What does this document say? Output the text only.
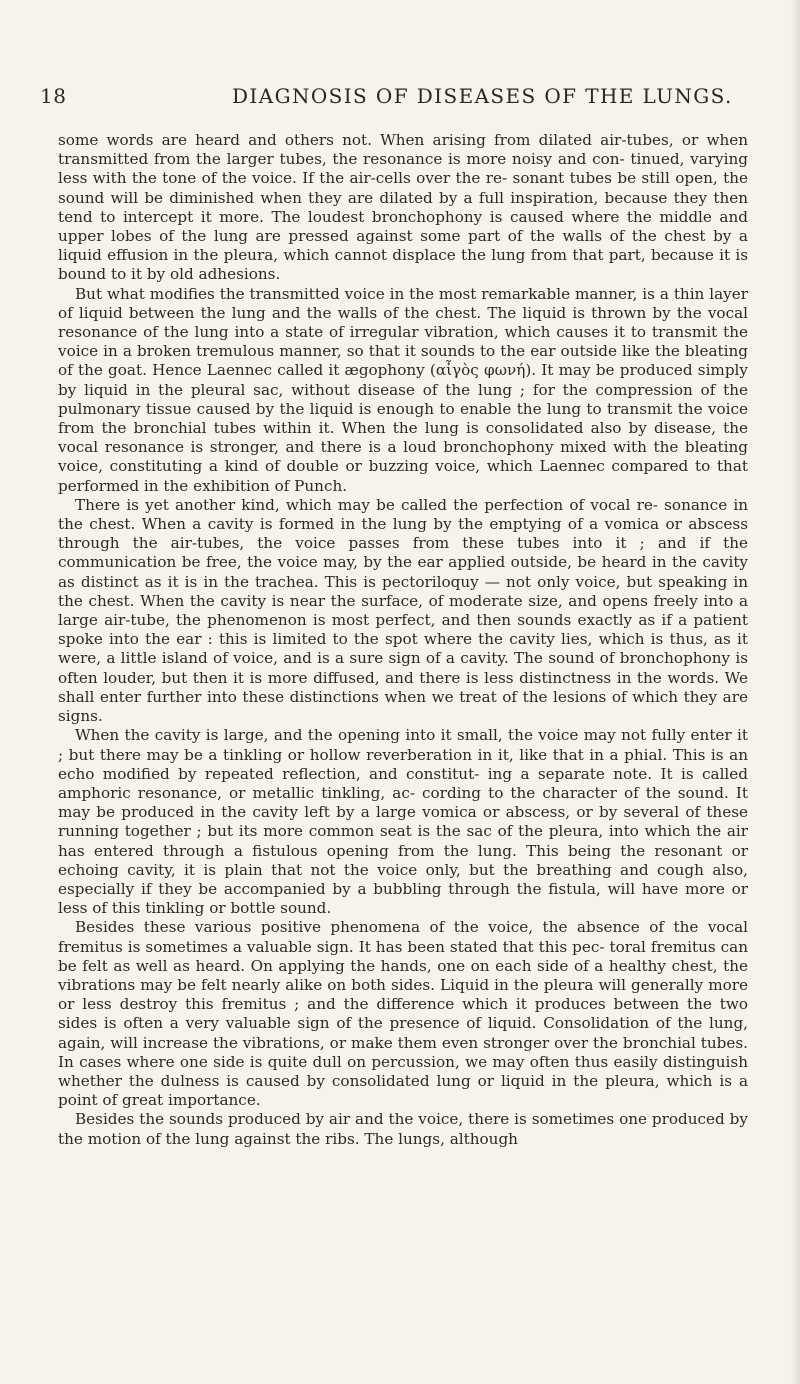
18	DIAGNOSIS OF DISEASES OF THE LUNGS.

some words are heard and others not. When arising from dilated air-tubes, or when transmitted from the larger tubes, the resonance is more noisy and con- tinued, varying less with the tone of the voice. If the air-cells over the re- sonant tubes be still open, the sound will be diminished when they are dilated by a full inspiration, because they then tend to intercept it more. The loudest bronchophony is caused where the middle and upper lobes of the lung are pressed against some part of the walls of the chest by a liquid effusion in the pleura, which cannot displace the lung from that part, because it is bound to it by old adhesions.

But what modifies the transmitted voice in the most remarkable manner, is a thin layer of liquid between the lung and the walls of the chest. The liquid is thrown by the vocal resonance of the lung into a state of irregular vibration, which causes it to transmit the voice in a broken tremulous manner, so that it sounds to the ear outside like the bleating of the goat. Hence Laennec called it ægophony (αἶγὸς φωνή). It may be produced simply by liquid in the pleural sac, without disease of the lung ; for the compression of the pulmonary tissue caused by the liquid is enough to enable the lung to transmit the voice from the bronchial tubes within it. When the lung is consolidated also by disease, the vocal resonance is stronger, and there is a loud bronchophony mixed with the bleating voice, constituting a kind of double or buzzing voice, which Laennec compared to that performed in the exhibition of Punch.

There is yet another kind, which may be called the perfection of vocal re- sonance in the chest. When a cavity is formed in the lung by the emptying of a vomica or abscess through the air-tubes, the voice passes from these tubes into it ; and if the communication be free, the voice may, by the ear applied outside, be heard in the cavity as distinct as it is in the trachea. This is pectoriloquy — not only voice, but speaking in the chest. When the cavity is near the surface, of moderate size, and opens freely into a large air-tube, the phenomenon is most perfect, and then sounds exactly as if a patient spoke into the ear : this is limited to the spot where the cavity lies, which is thus, as it were, a little island of voice, and is a sure sign of a cavity. The sound of bronchophony is often louder, but then it is more diffused, and there is less distinctness in the words. We shall enter further into these distinctions when we treat of the lesions of which they are signs.

When the cavity is large, and the opening into it small, the voice may not fully enter it ; but there may be a tinkling or hollow reverberation in it, like that in a phial. This is an echo modified by repeated reflection, and constitut- ing a separate note. It is called amphoric resonance, or metallic tinkling, ac- cording to the character of the sound. It may be produced in the cavity left by a large vomica or abscess, or by several of these running together ; but its more common seat is the sac of the pleura, into which the air has entered through a fistulous opening from the lung. This being the resonant or echoing cavity, it is plain that not the voice only, but the breathing and cough also, especially if they be accompanied by a bubbling through the fistula, will have more or less of this tinkling or bottle sound.

Besides these various positive phenomena of the voice, the absence of the vocal fremitus is sometimes a valuable sign. It has been stated that this pec- toral fremitus can be felt as well as heard. On applying the hands, one on each side of a healthy chest, the vibrations may be felt nearly alike on both sides. Liquid in the pleura will generally more or less destroy this fremitus ; and the difference which it produces between the two sides is often a very valuable sign of the presence of liquid. Consolidation of the lung, again, will increase the vibrations, or make them even stronger over the bronchial tubes. In cases where one side is quite dull on percussion, we may often thus easily distinguish whether the dulness is caused by consolidated lung or liquid in the pleura, which is a point of great importance.

Besides the sounds produced by air and the voice, there is sometimes one produced by the motion of the lung against the ribs. The lungs, although
